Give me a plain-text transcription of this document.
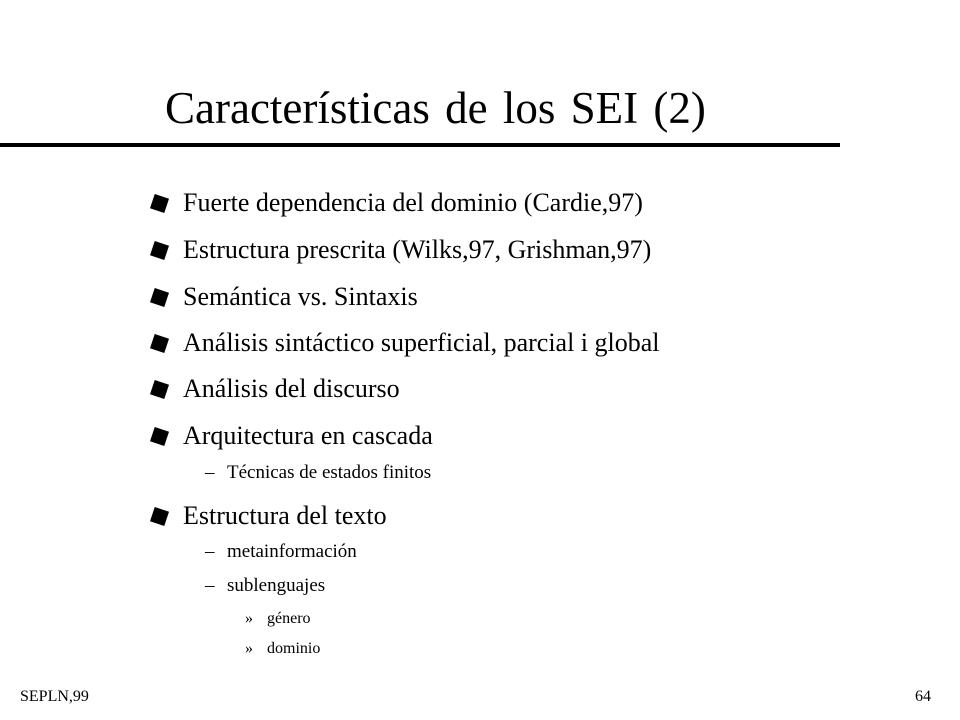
Características de los SEI (2)
Fuerte dependencia del dominio (Cardie,97)
Estructura prescrita (Wilks,97, Grishman,97)
Semántica vs. Sintaxis
Análisis sintáctico superficial, parcial i global
Análisis del discurso
Arquitectura en cascada
– Técnicas de estados finitos
Estructura del texto
– metainformación
– sublenguajes
» género
» dominio
SEPLN,99	64
